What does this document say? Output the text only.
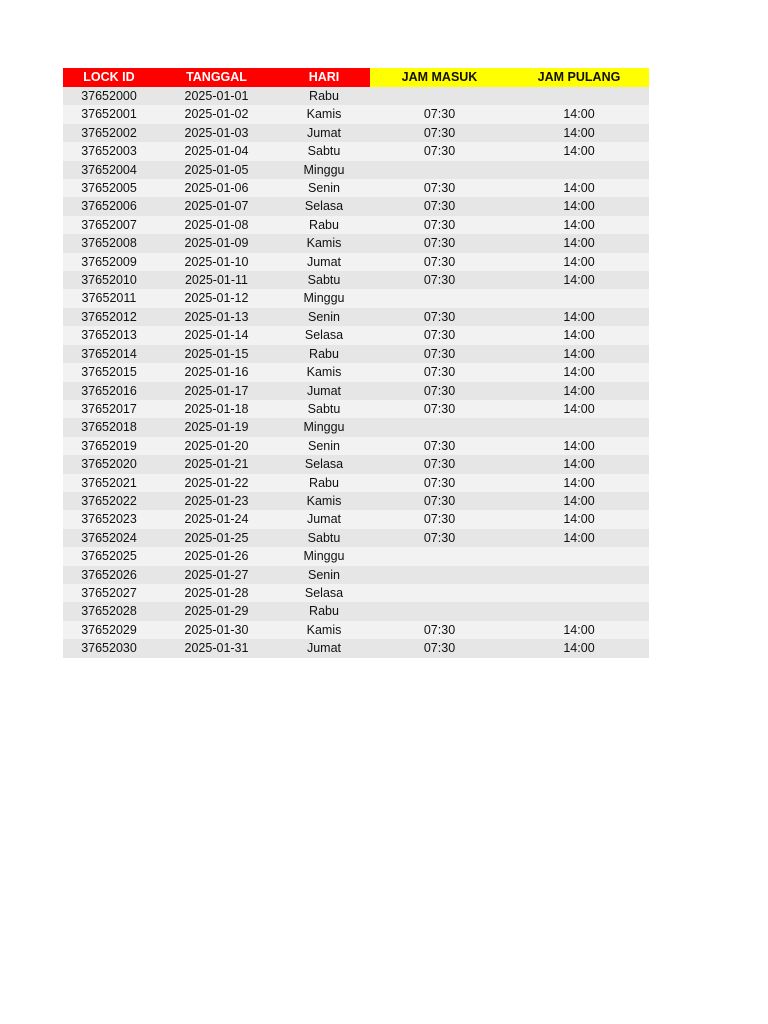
LOCK ID	TANGGAL	HARI	JAM MASUK	JAM PULANG
37652000	2025-01-01	Rabu		
37652001	2025-01-02	Kamis	07:30	14:00
37652002	2025-01-03	Jumat	07:30	14:00
37652003	2025-01-04	Sabtu	07:30	14:00
37652004	2025-01-05	Minggu		
37652005	2025-01-06	Senin	07:30	14:00
37652006	2025-01-07	Selasa	07:30	14:00
37652007	2025-01-08	Rabu	07:30	14:00
37652008	2025-01-09	Kamis	07:30	14:00
37652009	2025-01-10	Jumat	07:30	14:00
37652010	2025-01-11	Sabtu	07:30	14:00
37652011	2025-01-12	Minggu		
37652012	2025-01-13	Senin	07:30	14:00
37652013	2025-01-14	Selasa	07:30	14:00
37652014	2025-01-15	Rabu	07:30	14:00
37652015	2025-01-16	Kamis	07:30	14:00
37652016	2025-01-17	Jumat	07:30	14:00
37652017	2025-01-18	Sabtu	07:30	14:00
37652018	2025-01-19	Minggu		
37652019	2025-01-20	Senin	07:30	14:00
37652020	2025-01-21	Selasa	07:30	14:00
37652021	2025-01-22	Rabu	07:30	14:00
37652022	2025-01-23	Kamis	07:30	14:00
37652023	2025-01-24	Jumat	07:30	14:00
37652024	2025-01-25	Sabtu	07:30	14:00
37652025	2025-01-26	Minggu		
37652026	2025-01-27	Senin		
37652027	2025-01-28	Selasa		
37652028	2025-01-29	Rabu		
37652029	2025-01-30	Kamis	07:30	14:00
37652030	2025-01-31	Jumat	07:30	14:00
